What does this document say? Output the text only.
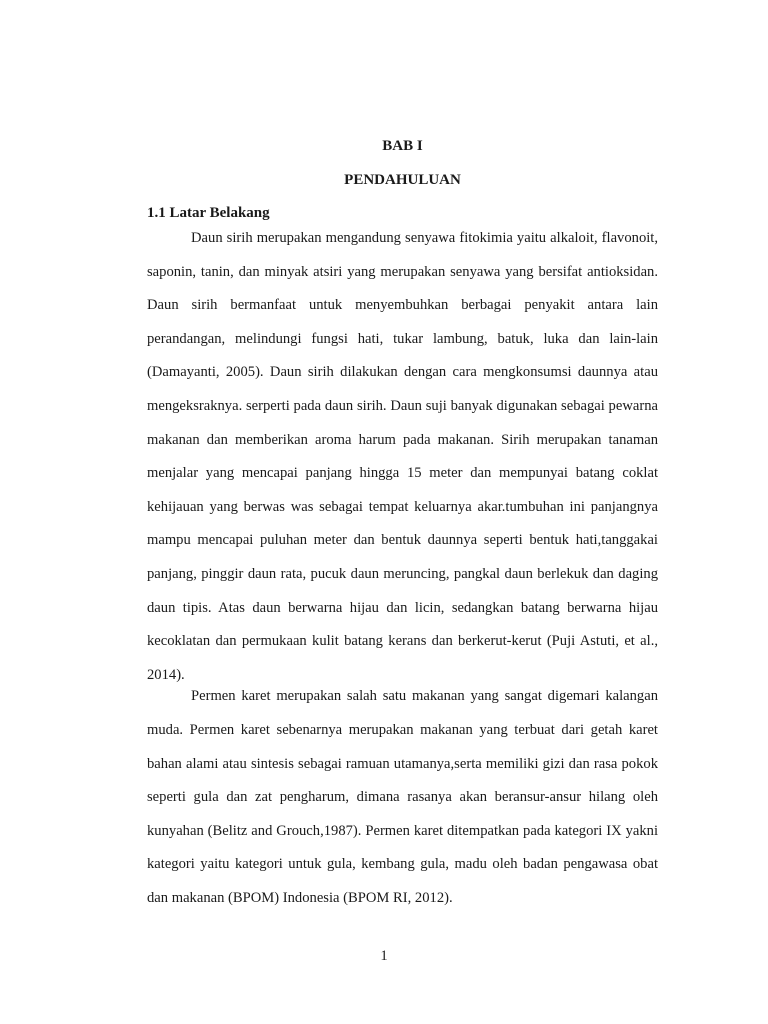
BAB I
PENDAHULUAN
1.1 Latar Belakang

Daun sirih merupakan mengandung senyawa fitokimia yaitu alkaloit, flavonoit, saponin, tanin, dan minyak atsiri yang merupakan senyawa yang bersifat antioksidan. Daun sirih bermanfaat untuk menyembuhkan berbagai penyakit antara lain perandangan, melindungi fungsi hati, tukar lambung, batuk, luka dan lain-lain (Damayanti, 2005). Daun sirih dilakukan dengan cara mengkonsumsi daunnya atau mengeksraknya. serperti pada daun sirih. Daun suji banyak digunakan sebagai pewarna makanan dan memberikan aroma harum pada makanan. Sirih merupakan tanaman menjalar yang mencapai panjang hingga 15 meter dan mempunyai batang coklat kehijauan yang berwas was sebagai tempat keluarnya akar.tumbuhan ini panjangnya mampu mencapai puluhan meter dan bentuk daunnya seperti bentuk hati,tanggakai panjang, pinggir daun rata, pucuk daun meruncing, pangkal daun berlekuk dan daging daun tipis. Atas daun berwarna hijau dan licin, sedangkan batang berwarna hijau kecoklatan dan permukaan kulit batang kerans dan berkerut-kerut (Puji Astuti, et al., 2014).

Permen karet merupakan salah satu makanan yang sangat digemari kalangan muda. Permen karet sebenarnya merupakan makanan yang terbuat dari getah karet bahan alami atau sintesis sebagai ramuan utamanya,serta memiliki gizi dan rasa pokok seperti gula dan zat pengharum, dimana rasanya akan beransur-ansur hilang oleh kunyahan (Belitz and Grouch,1987). Permen karet ditempatkan pada kategori IX yakni kategori yaitu kategori untuk gula, kembang gula, madu oleh badan pengawasa obat dan makanan (BPOM) Indonesia (BPOM RI, 2012).

1
